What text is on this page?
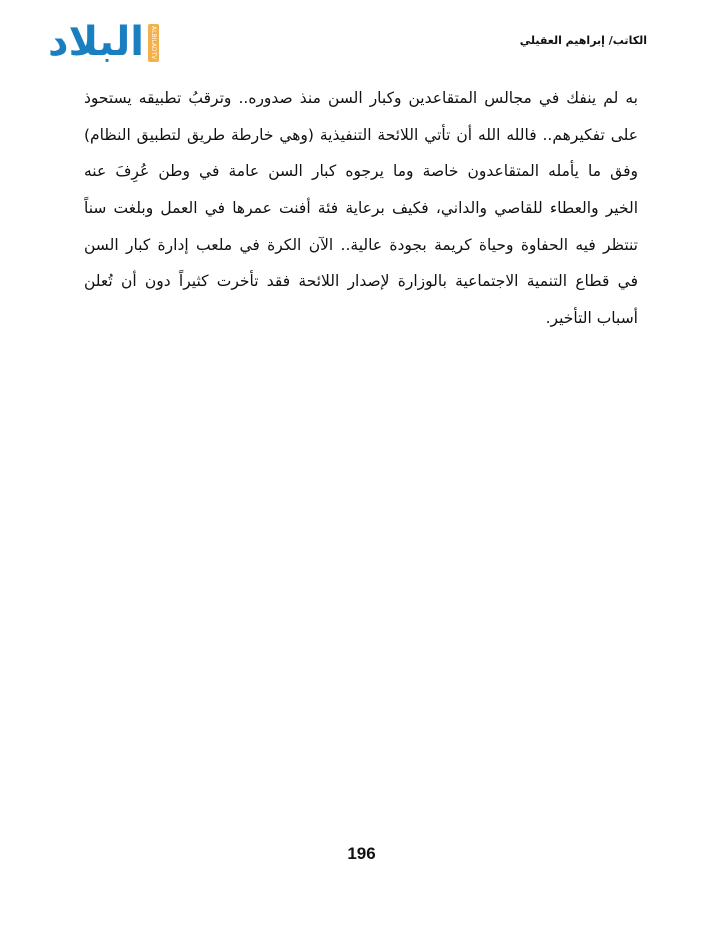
البلاد	ALBILADTV	الكاتب/ إبراهيم العقيلي
به لم ينفك في مجالس المتقاعدين وكبار السن منذ صدوره.. وترقبُ تطبيقه يستحوذ
على تفكيرهم.. فالله الله أن تأتي اللائحة التنفيذية (وهي خارطة طريق لتطبيق النظام)
وفق ما يأمله المتقاعدون خاصة وما يرجوه كبار السن عامة في وطن عُرِفَ عنه
الخير والعطاء للقاصي والداني، فكيف برعاية فئة أفنت عمرها في العمل وبلغت سناً
تنتظر فيه الحفاوة وحياة كريمة بجودة عالية.. الآن الكرة في ملعب إدارة كبار السن
في قطاع التنمية الاجتماعية بالوزارة لإصدار اللائحة فقد تأخرت كثيراً دون أن تُعلن
أسباب التأخير.
196
